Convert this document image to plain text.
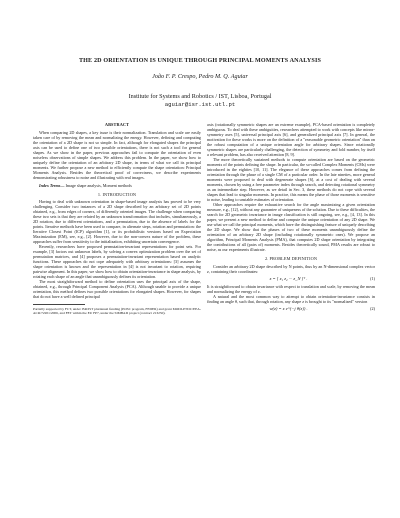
THE 2D ORIENTATION IS UNIQUE THROUGH PRINCIPAL MOMENTS ANALYSIS
João F. P. Crespo, Pedro M. Q. Aguiar
Institute for Systems and Robotics / IST, Lisboa, Portugal
aguiar@isr.ist.utl.pt
ABSTRACT

When comparing 2D shapes, a key issue is their normalization. Translation and scale are easily taken care of by removing the mean and normalizing the energy. However, defining and computing the orientation of a 2D shape is not so simple. In fact, although for elongated shapes the principal axis can be used to define one of two possible orientations, there is not such a tool for general shapes. As we show in the paper, previous approaches fail to compute the orientation of even noiseless observations of simple shapes. We address this problem. In the paper, we show how to uniquely define the orientation of an arbitrary 2D shape, in terms of what we call its principal moments. We further propose a new method to efficiently compute the shape orientation: Principal Moments Analysis. Besides the theoretical proof of correctness, we describe experiments demonstrating robustness to noise and illustrating with real images.

Index Terms— Image shape analysis, Moment methods

1. INTRODUCTION

Having to deal with unknown orientation in shape-based image analysis has proved to be very challenging. Consider two instances of a 2D shape described by an arbitrary set of 2D points obtained, e.g., from edges of corners, of differently oriented images. The challenge when comparing these two sets is that they are related by an unknown transformation that includes, simultaneously, a 2D rotation, due to different orientations, and a permutation, due to the absence of labels for the points. Iterative methods have been used to compare, in alternate steps, rotation and permutation: the Iterative Closest Point (ICP) algorithm [1], or its probabilistic versions based on Expectation Maximization (EM), see, e.g., [2]. However, due to the non-convex nature of the problem, these approaches suffer from sensitivity to the initialization, exhibiting uncertain convergence.

Recently, researchers have proposed permutation-invariant representations for point sets. For example, [3] factors out unknown labels, by solving a convex optimization problem over the set of permutation matrices, and [4] proposes a permutation-invariant representation based on analytic functions. These approaches do not cope adequately with arbitrary orientations: [3] assumes the shape orientation is known and the representation in [4] is not invariant to rotation, requiring pairwise alignment. In this paper, we show how to obtain orientation-invariance in shape analysis, by rotating each shape of an angle that unambiguously defines its orientation.

The most straightforward method to define orientation uses the principal axis of the shape, obtained, e.g., through Principal Component Analysis (PCA). Although unable to provide a unique orientation, this method defines two possible orientations for elongated shapes. However, for shapes that do not have a well defined principal

Partially supported by FCT, under ISR/IST plurianual funding (POSC program, FEDER) and grant MODI-PTDC/EEA-ACR/72201/2006, and FET within the EU FP7, under the SIMBAD project (contract 213250).

axis (rotationally symmetric shapes are an extreme example), PCA-based orientation is completely ambiguous. To deal with these ambiguities, researchers attempted to work with concepts like mirror-symmetry axes [5], universal principal axis [6], and generalized principal axis [7]. In general, the motivation for these works is more on the definition of a "reasonable geometric orientation" than on the robust computation of a unique orientation angle for arbitrary shapes. Since rotationally symmetric shapes are particularly challenging, the detection of symmetry and fold number, by itself a relevant problem, has also received attention [8, 9].

The more theoretically sustained methods to compute orientation are based on the geometric moments of the points defining the shape. In particular, the so-called Complex Moments (CMs) were introduced in the eighties [10, 11]. The elegance of these approaches comes from defining the orientation through the phase of a single CM of a particular order. In the late nineties, more general moments were proposed to deal with degenerate shapes [6], at a cost of dealing with several moments, chosen by using a free parameter index through search, and detecting rotational symmetry as an intermediate step. However, as we detail in Sec. 3, these methods do not cope with several shapes that lead to singular moments. In practice, this means the phase of those moments is sensitive to noise, leading to unstable estimates of orientation.

Other approaches require the exhaustive search for the angle maximizing a given orientation measure, e.g., [12], without any guarantee of uniqueness of the solution. Due to these difficulties, the search for 2D geometric invariance in image classification is still ongoing, see, e.g., [4, 13]. In this paper, we present a new method to define and compute the unique orientation of any 2D shape. We use what we call the principal moments, which have the distinguishing feature of uniquely describing the 2D shape. We show that the phases of two of these moments unambiguously define the orientation of an arbitrary 2D shape (including rotationally symmetric ones). We propose an algorithm, Principal Moments Analysis (PMA), that computes 2D shape orientation by integrating the contributions of all (pairs of) moments. Besides theoretically sound, PMA results are robust to noise, as our experiments illustrate.

2. PROBLEM DEFINITION

Consider an arbitrary 2D shape described by N points, thus by an N-dimensional complex vector z, containing their coordinates:

z = [ z₁ z₂ ··· z_N ]ᵀ .	(1)

It is straightforward to obtain invariance with respect to translation and scale, by removing the mean and normalizing the energy of z.

A natural and the most common way to attempt to obtain orientation-invariance consists in finding an angle θ, such that, through rotation, any shape z is brought to its "normalized" version

w(z) = z e^(−j θ(z)) .	(2)
